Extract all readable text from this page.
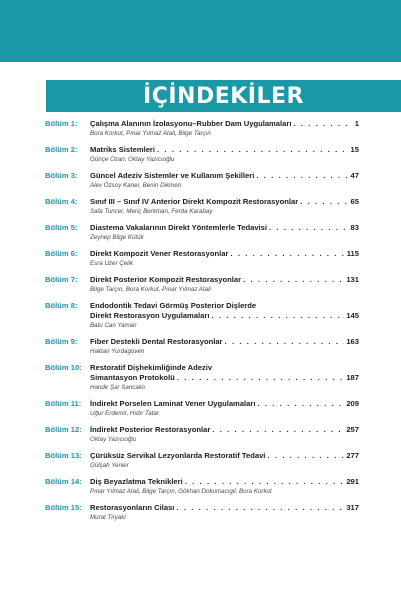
İÇİNDEKİLER
Bölüm 1: Çalışma Alanının İzolasyonu–Rubber Dam Uygulamaları . . .	1
Bora Korkut, Pınar Yılmaz Atali, Bilge Tarçın
Bölüm 2: Matriks Sistemleri . . .	15
Günçe Ozan, Oktay Yazıcıoğlu
Bölüm 3: Güncel Adeziv Sistemler ve Kullanım Şekilleri . . .	47
Alev Özsoy Kaner, Benin Dikmen
Bölüm 4: Sınıf III – Sınıf IV Anterior Direkt Kompozit Restorasyonlar . . .	65
Safa Tuncer, Meriç Berkman, Ferda Karabay
Bölüm 5: Diastema Vakalarının Direkt Yöntemlerle Tedavisi . . .	83
Zeynep Bilge Kütük
Bölüm 6: Direkt Kompozit Vener Restorasyonlar . . .	115
Esra Uzer Çelik
Bölüm 7: Direkt Posterior Kompozit Restorasyonlar . . .	131
Bilge Tarçın, Bora Korkut, Pınar Yılmaz Atali
Bölüm 8: Endodontik Tedavi Görmüş Posterior Dişlerde
Direkt Restorasyon Uygulamaları . . .	145
Batu Can Yaman
Bölüm 9: Fiber Destekli Dental Restorasyonlar . . .	163
Haktan Yurdagüven
Bölüm 10: Restoratif Dişhekimliğinde Adeziv
Simantasyon Protokolü . . .	187
Hande Şar Sancaklı
Bölüm 11: İndirekt Porselen Laminat Vener Uygulamaları . . .	209
Uğur Erdemir, Hıdır Tatar
Bölüm 12: İndirekt Posterior Restorasyonlar . . .	257
Oktay Yazıcıoğlu
Bölüm 13: Çürüksüz Servikal Lezyonlarda Restoratif Tedavi . . .	277
Gülşah Yenier
Bölüm 14: Diş Beyazlatma Teknikleri . . .	291
Pınar Yılmaz Atali, Bilge Tarçın, Gökhan Dokumacıgil, Bora Korkut
Bölüm 15: Restorasyonların Cilası . . .	317
Murat Tiryaki
